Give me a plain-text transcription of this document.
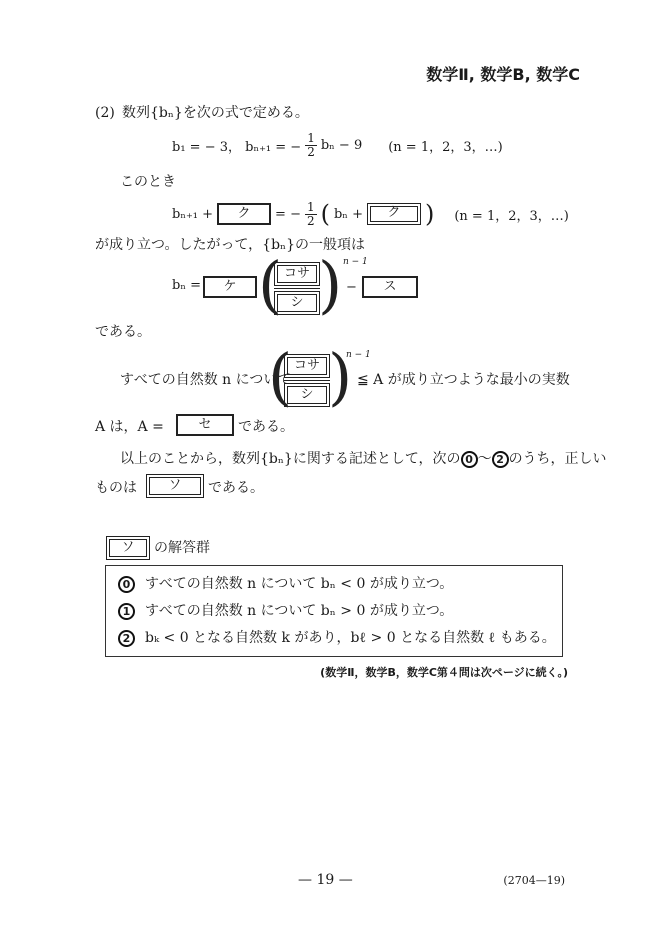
数学Ⅱ, 数学B, 数学C
(2) 数列{bₙ}を次の式で定める。
b₁ = − 3， bₙ₊₁ = − $\frac{1}{2}$ bₙ − 9 (n = 1，2，3，…)
このとき
bₙ₊₁ +	ク	= − $\frac{1}{2}$ ( bₙ +	ク	) (n = 1，2，3，…)
が成り立つ。したがって，{bₙ}の一般項は
bₙ =	ケ ( コサ
シ ) n − 1
−	ス
である。
すべての自然数 n について
( コサ
シ )
n − 1
≦ A が成り立つような最小の実数
A は，A =	セ	である。
以上のことから，数列{bₙ}に関する記述として，次の 0 ～ 2 のうち，正しい
ものは	ソ	である。
ソ	の解答群
0	すべての自然数 n について bₙ < 0 が成り立つ。
1	すべての自然数 n について bₙ > 0 が成り立つ。
2	bₖ < 0 となる自然数 k があり，bℓ > 0 となる自然数 ℓ もある。
(数学Ⅱ，数学B，数学C第４問は次ページに続く。)
— 19 —	(2704—19)
